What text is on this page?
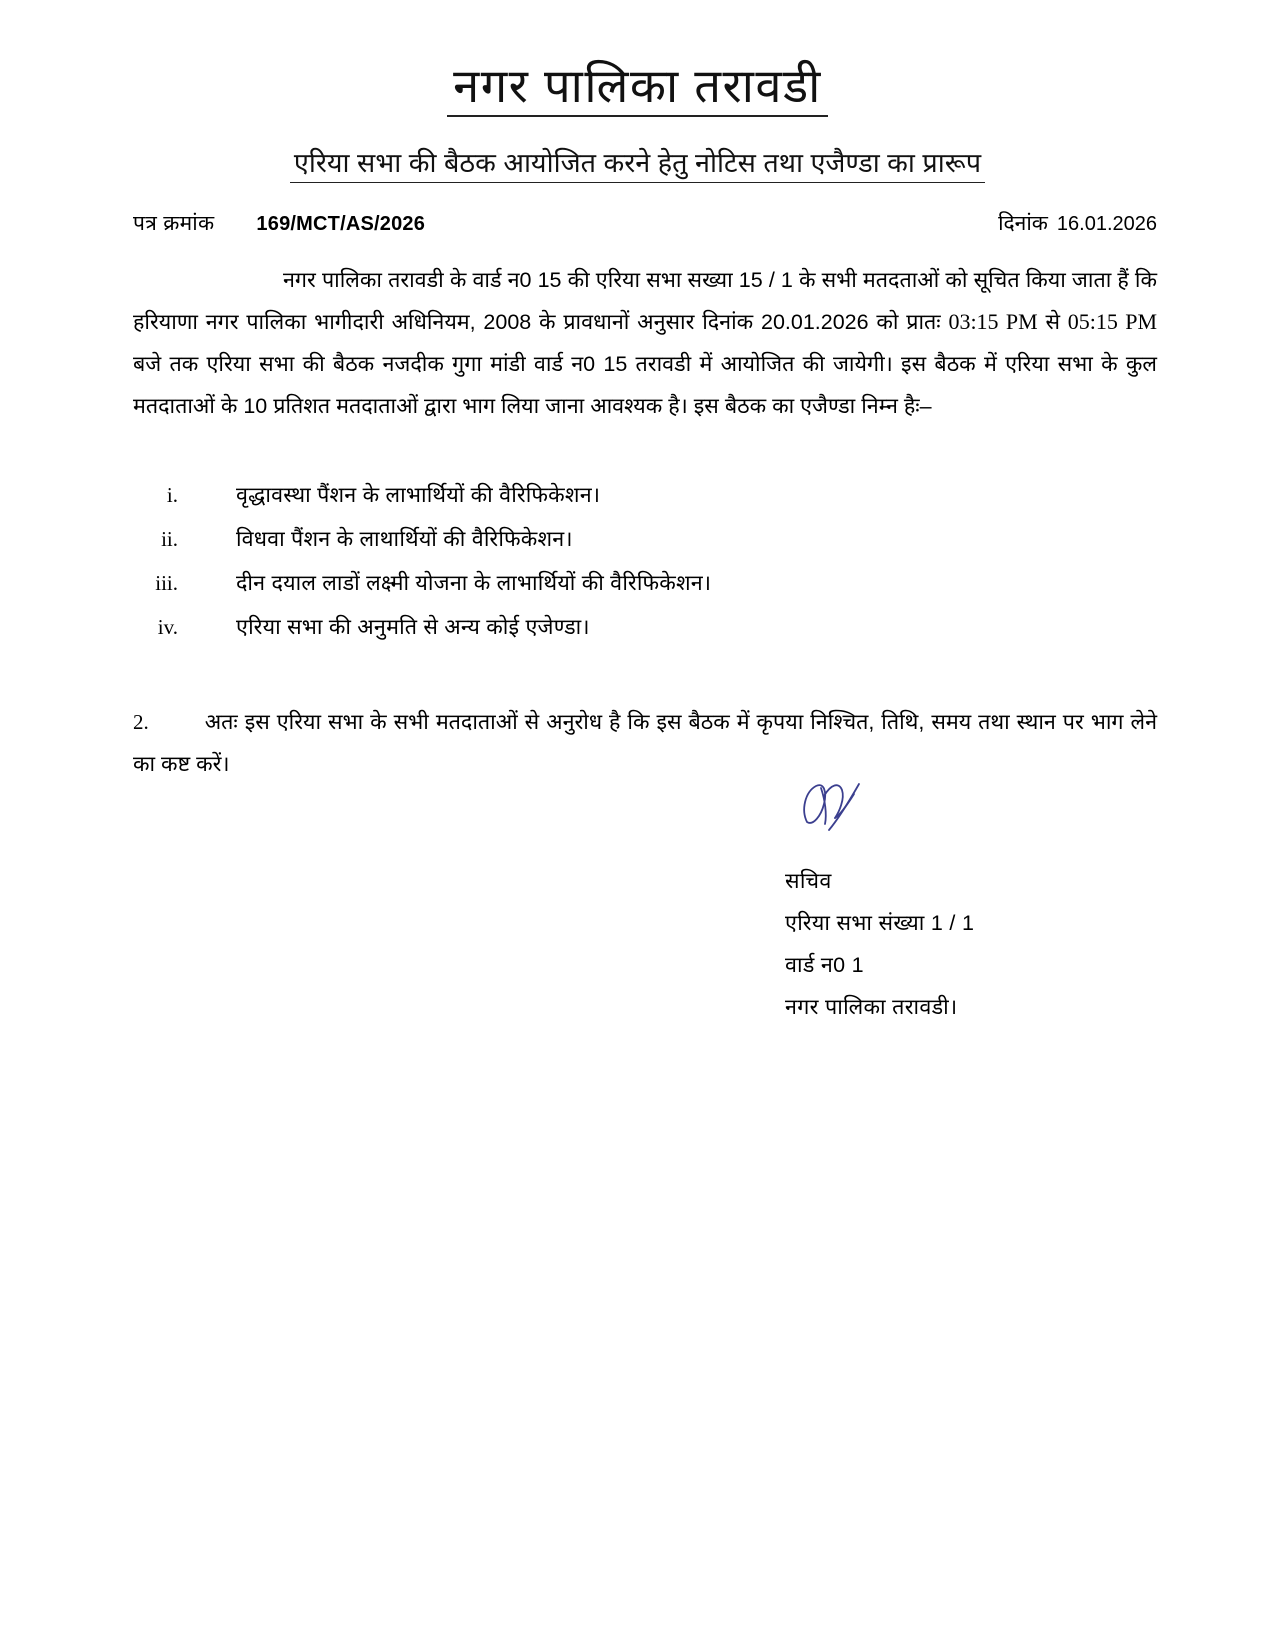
नगर पालिका तरावडी
एरिया सभा की बैठक आयोजित करने हेतु नोटिस तथा एजैण्डा का प्रारूप
पत्र क्रमांक 169/MCT/AS/2026	दिनांक 16.01.2026

नगर पालिका तरावडी के वार्ड न0 15 की एरिया सभा सख्या 15 / 1 के सभी मतदताओं को सूचित किया जाता हैं कि हरियाणा नगर पालिका भागीदारी अधिनियम, 2008 के प्रावधानों अनुसार दिनांक 20.01.2026 को प्रातः 03:15 PM से 05:15 PM बजे तक एरिया सभा की बैठक नजदीक गुगा मांडी वार्ड न0 15 तरावडी में आयोजित की जायेगी। इस बैठक में एरिया सभा के कुल मतदाताओं के 10 प्रतिशत मतदाताओं द्वारा भाग लिया जाना आवश्यक है। इस बैठक का एजैण्डा निम्न हैः–

i.	वृद्धावस्था पैंशन के लाभार्थियों की वैरिफिकेशन।
ii.	विधवा पैंशन के लाथार्थियों की वैरिफिकेशन।
iii.	दीन दयाल लाडों लक्ष्मी योजना के लाभार्थियों की वैरिफिकेशन।
iv.	एरिया सभा की अनुमति से अन्य कोई एजेण्डा।

2.	अतः इस एरिया सभा के सभी मतदाताओं से अनुरोध है कि इस बैठक में कृपया निश्चित, तिथि, समय तथा स्थान पर भाग लेने का कष्ट करें।

सचिव
एरिया सभा संख्या 1 / 1
वार्ड न0 1
नगर पालिका तरावडी।
